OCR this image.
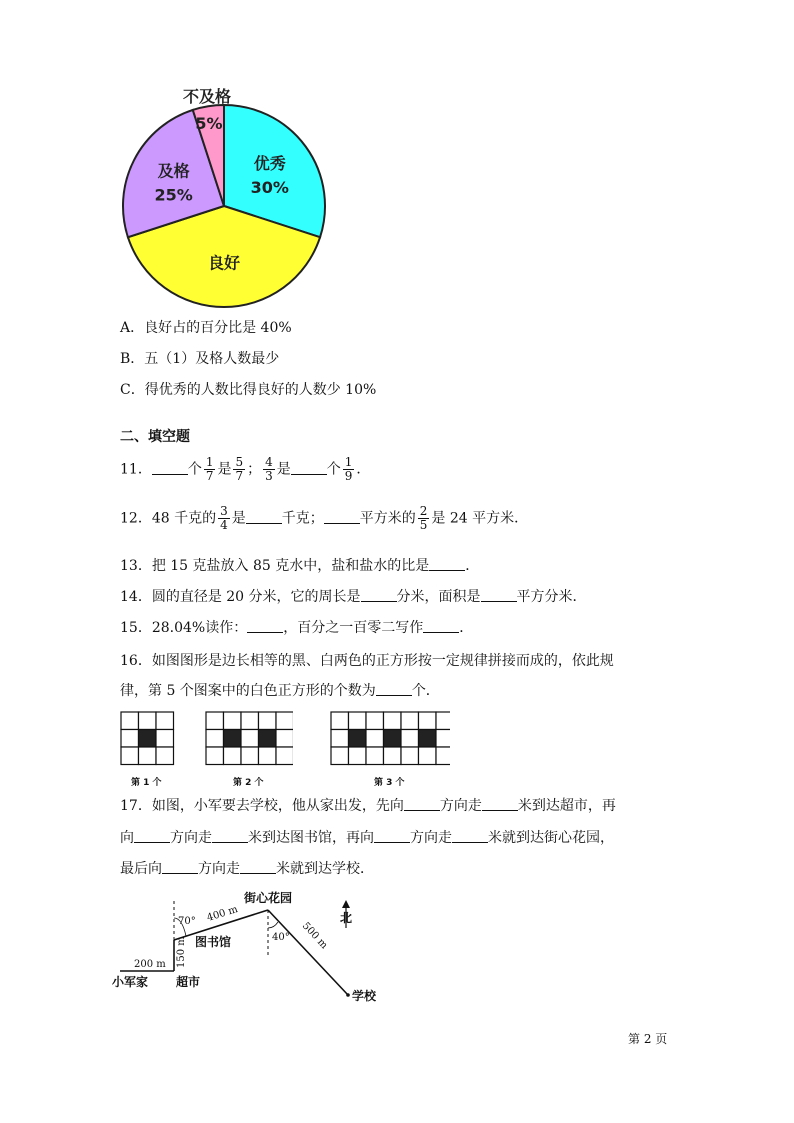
优秀
30%
良好
及格
25%
不及格
5%
A．良好占的百分比是 40%
B．五（1）及格人数最少
C．得优秀的人数比得良好的人数少 10%
二、填空题
11．	个 $\frac{1}{7}$ 是 $\frac{5}{7}$ ； $\frac{4}{3}$ 是	个 $\frac{1}{9}$ ．
12．48 千克的 $\frac{3}{4}$ 是	千克；	平方米的 $\frac{2}{5}$ 是 24 平方米．
13．把 15 克盐放入 85 克水中，盐和盐水的比是	．
14．圆的直径是 20 分米，它的周长是	分米，面积是	平方分米．
15．28.04%读作：	，百分之一百零二写作	．
16．如图图形是边长相等的黑、白两色的正方形按一定规律拼接而成的，依此规
律，第 5 个图案中的白色正方形的个数为	个．
第 1 个	第 2 个	第 3 个
17．如图，小军要去学校，他从家出发，先向	方向走	米到达超市，再
向	方向走	米到达图书馆，再向	方向走	米就到达街心花园，
最后向	方向走	米就到达学校．
小军家 超市
图书馆
街心花园
学校
北
200 m 150 m
400 m
500 m
70°
40°
第 2 页
